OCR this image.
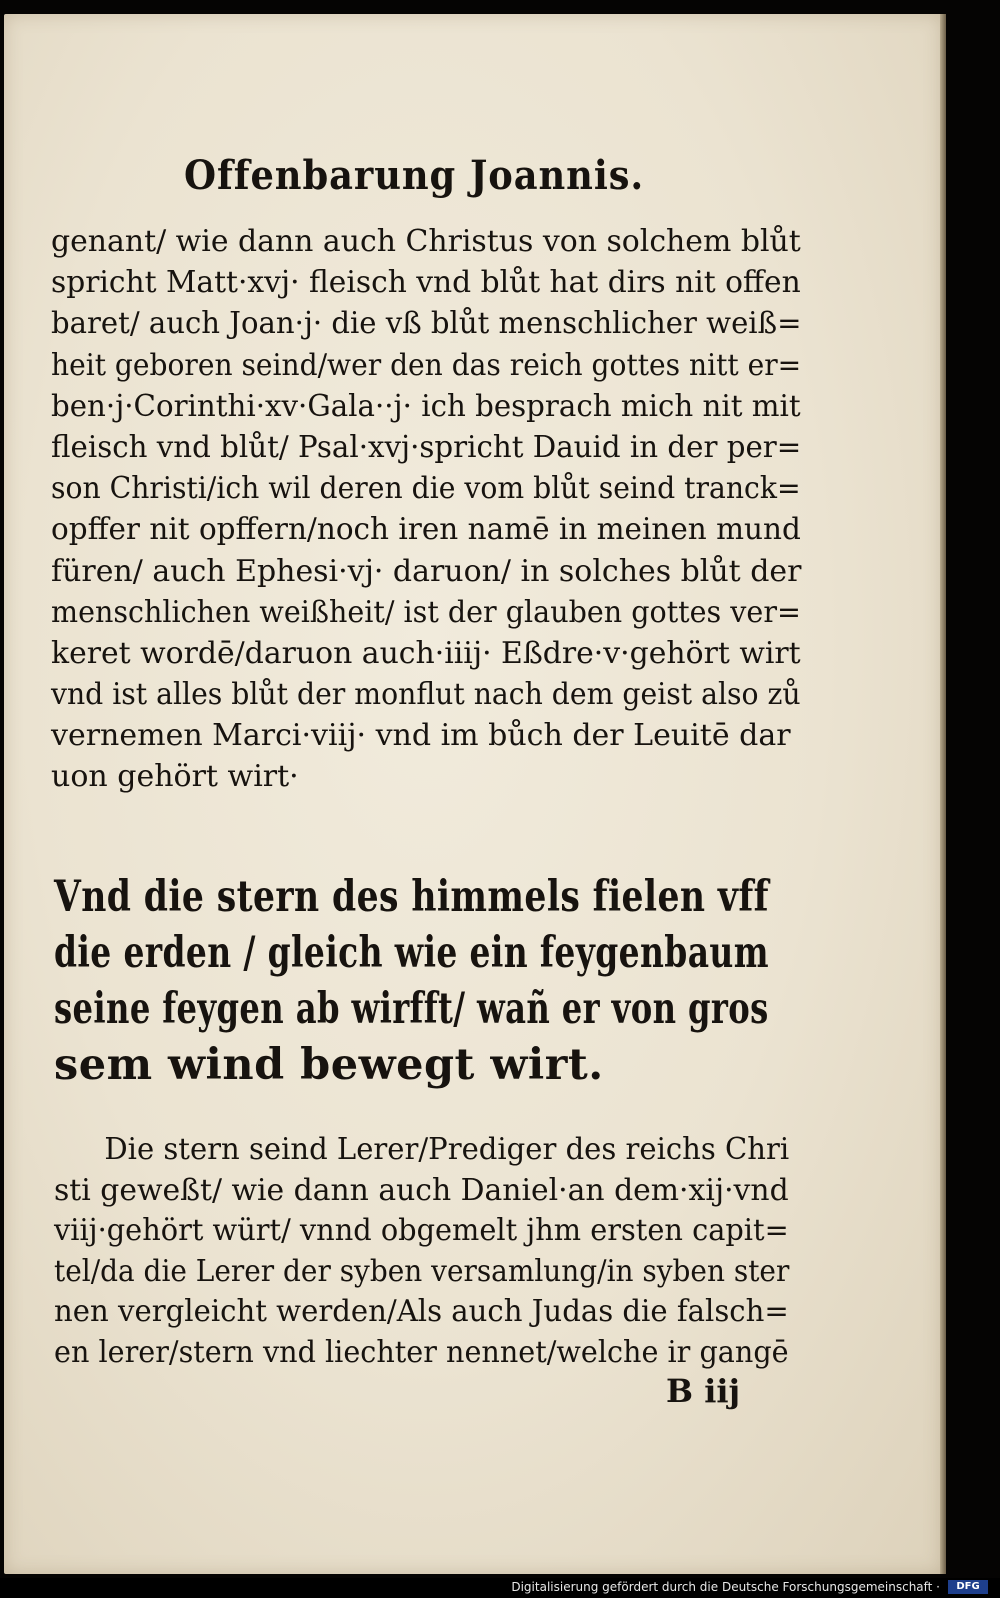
Offenbarung Joannis.
genant/ wie dann auch Christus von solchem blůt
spricht Matt·xvj· fleisch vnd blůt hat dirs nit offen
baret/ auch Joan·j· die vß blůt menschlicher weiß=
heit geboren seind/wer den das reich gottes nitt er=
ben·j·Corinthi·xv·Gala··j· ich besprach mich nit mit
fleisch vnd blůt/ Psal·xvj·spricht Dauid in der per=
son Christi/ich wil deren die vom blůt seind tranck=
opffer nit opffern/noch iren namē in meinen mund
füren/ auch Ephesi·vj· daruon/ in solches blůt der
menschlichen weißheit/ ist der glauben gottes ver=
keret wordē/daruon auch·iiij· Eßdre·v·gehört wirt
vnd ist alles blůt der monflut nach dem geist also zů
vernemen Marci·viij· vnd im bůch der Leuitē dar
uon gehört wirt·
Vnd die stern des himmels fielen vff
die erden / gleich wie ein feygenbaum
seine feygen ab wirfft/ wañ er von gros
sem wind bewegt wirt.
Die stern seind Lerer/Prediger des reichs Chri
sti geweßt/ wie dann auch Daniel·an dem·xij·vnd
viij·gehört würt/ vnnd obgemelt jhm ersten capit=
tel/da die Lerer der syben versamlung/in syben ster
nen vergleicht werden/Als auch Judas die falsch=
en lerer/stern vnd liechter nennet/welche ir gangē
B iij
Digitalisierung gefördert durch die Deutsche Forschungsgemeinschaft ·	DFG
